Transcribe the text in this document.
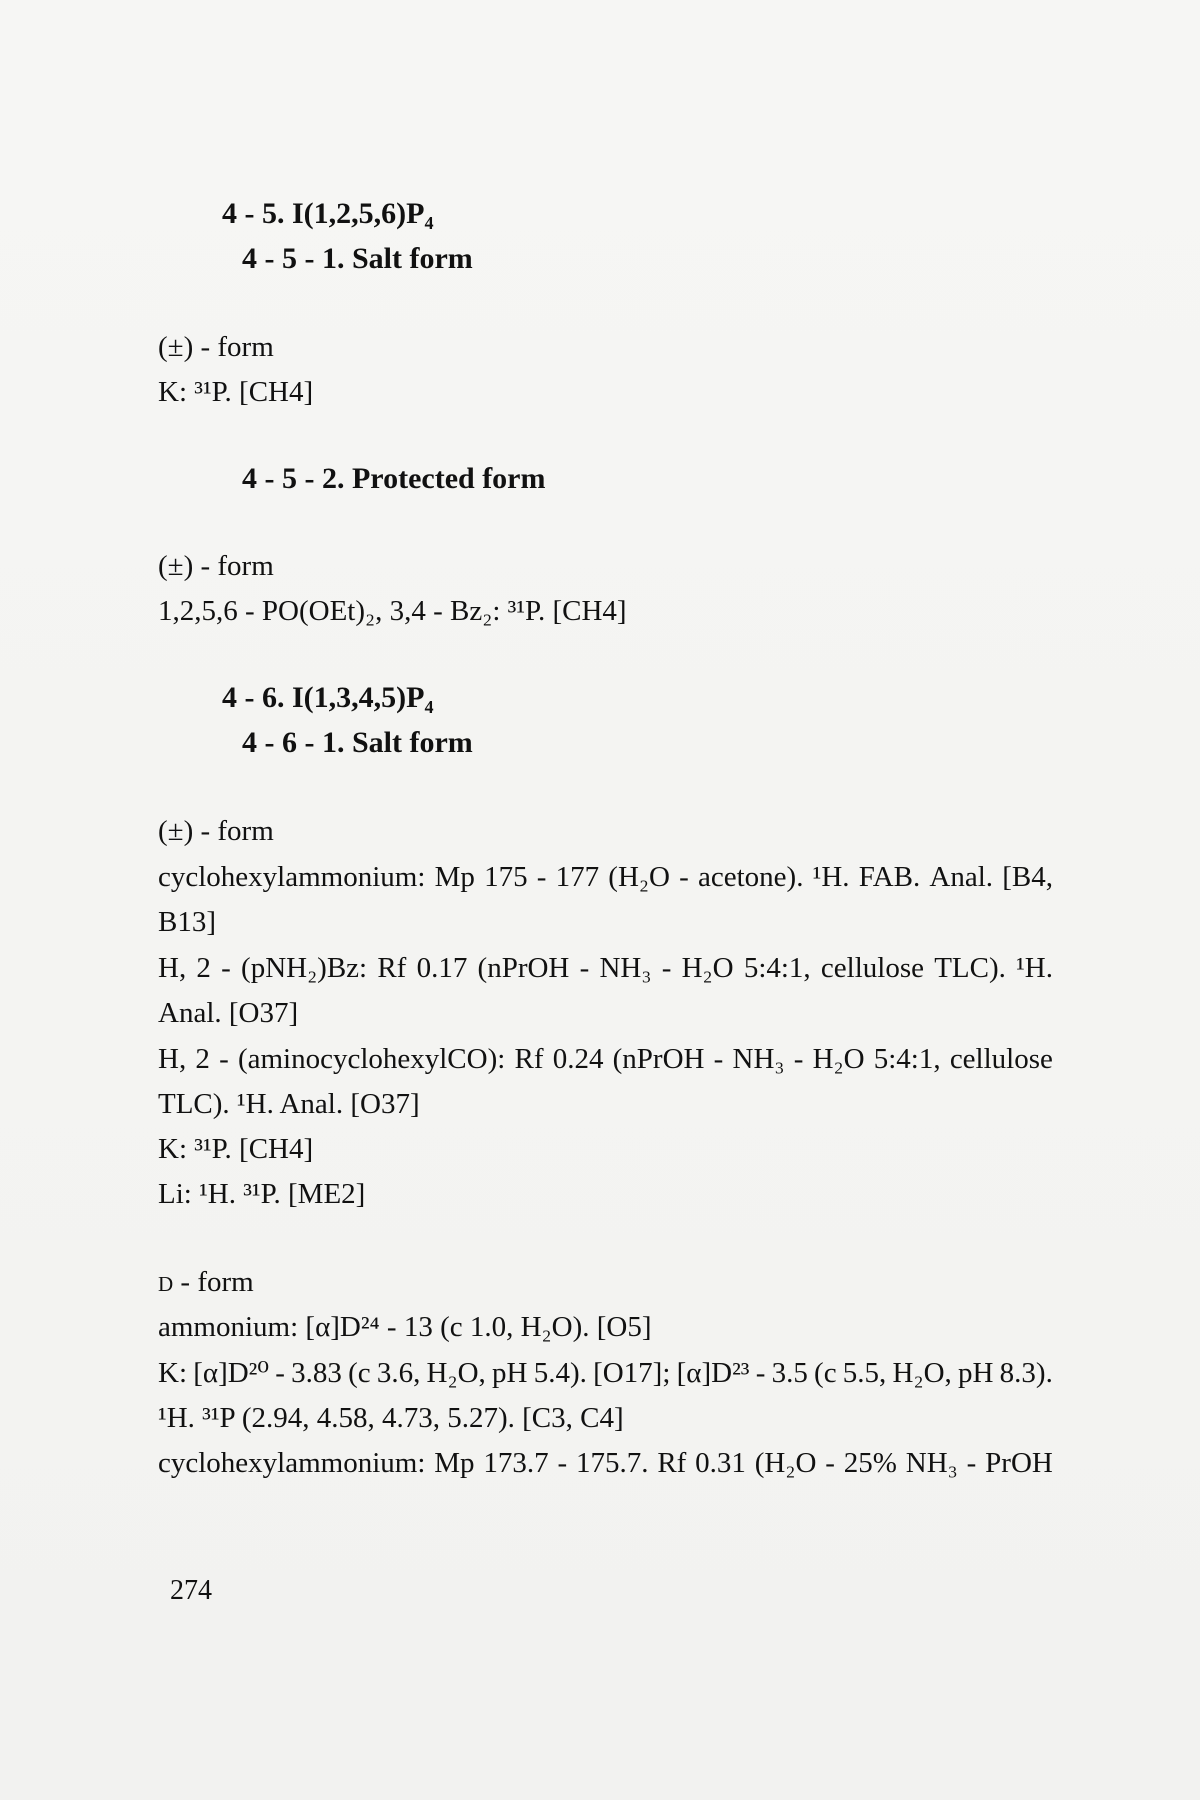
4 - 5. I(1,2,5,6)P₄
4 - 5 - 1. Salt form
(±) - form
K: ³¹P. [CH4]
4 - 5 - 2. Protected form
(±) - form
1,2,5,6 - PO(OEt)₂, 3,4 - Bz₂: ³¹P. [CH4]
4 - 6. I(1,3,4,5)P₄
4 - 6 - 1. Salt form
(±) - form
cyclohexylammonium: Mp 175 - 177 (H₂O - acetone). ¹H. FAB. Anal. [B4,
B13]
H, 2 - (pNH₂)Bz: Rf 0.17 (nPrOH - NH₃ - H₂O 5:4:1, cellulose TLC). ¹H.
Anal. [O37]
H, 2 - (aminocyclohexylCO): Rf 0.24 (nPrOH - NH₃ - H₂O 5:4:1, cellulose
TLC). ¹H. Anal. [O37]
K: ³¹P. [CH4]
Li: ¹H. ³¹P. [ME2]
D - form
ammonium: [α]D²⁴ - 13 (c 1.0, H₂O). [O5]
K: [α]D²⁰ - 3.83 (c 3.6, H₂O, pH 5.4). [O17]; [α]D²³ - 3.5 (c 5.5, H₂O, pH 8.3).
¹H. ³¹P (2.94, 4.58, 4.73, 5.27). [C3, C4]
cyclohexylammonium: Mp 173.7 - 175.7. Rf 0.31 (H₂O - 25% NH₃ - PrOH
274
